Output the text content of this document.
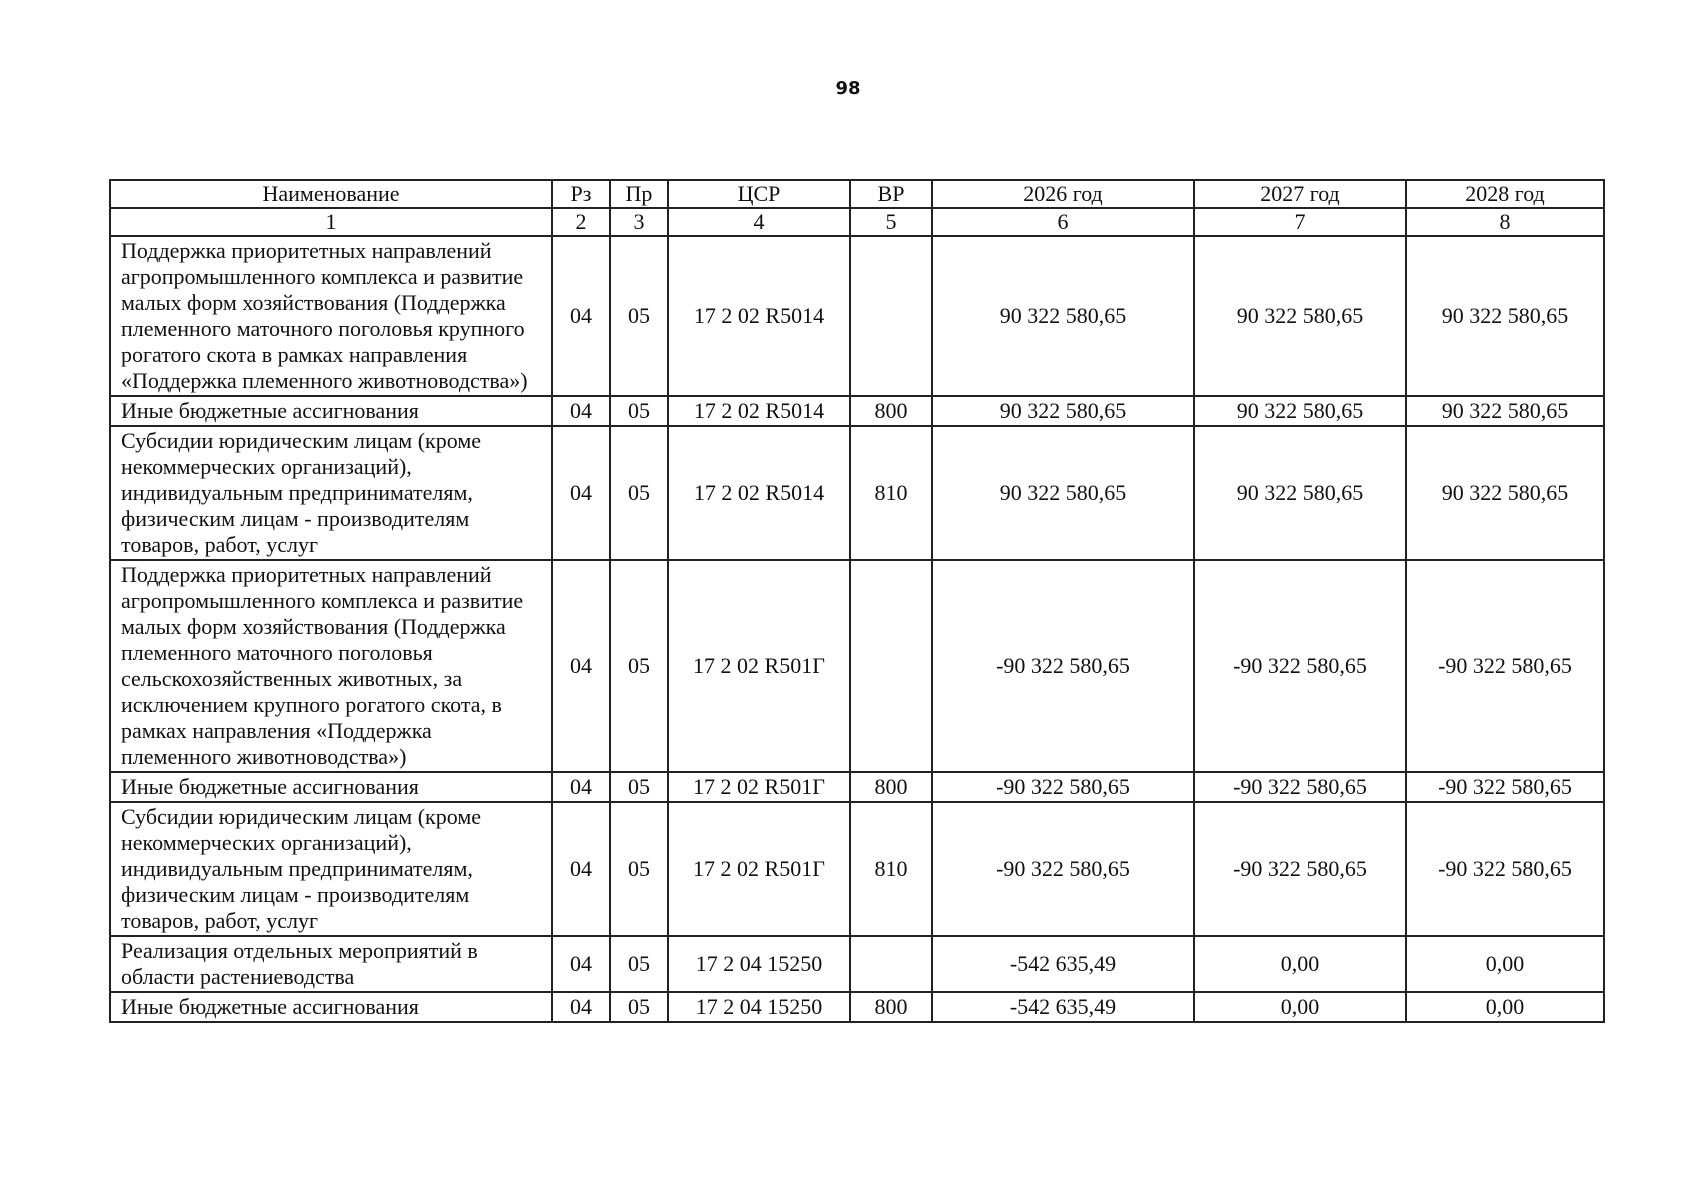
98
Наименование	Рз	Пр	ЦСР	ВР	2026 год	2027 год	2028 год
1	2	3	4	5	6	7	8
Поддержка приоритетных направлений агропромышленного комплекса и развитие малых форм хозяйствования (Поддержка племенного маточного поголовья крупного рогатого скота в рамках направления «Поддержка племенного животноводства»)	04	05	17 2 02 R5014		90 322 580,65	90 322 580,65	90 322 580,65
Иные бюджетные ассигнования	04	05	17 2 02 R5014	800	90 322 580,65	90 322 580,65	90 322 580,65
Субсидии юридическим лицам (кроме некоммерческих организаций), индивидуальным предпринимателям, физическим лицам - производителям товаров, работ, услуг	04	05	17 2 02 R5014	810	90 322 580,65	90 322 580,65	90 322 580,65
Поддержка приоритетных направлений агропромышленного комплекса и развитие малых форм хозяйствования (Поддержка племенного маточного поголовья сельскохозяйственных животных, за исключением крупного рогатого скота, в рамках направления «Поддержка племенного животноводства»)	04	05	17 2 02 R501Г		-90 322 580,65	-90 322 580,65	-90 322 580,65
Иные бюджетные ассигнования	04	05	17 2 02 R501Г	800	-90 322 580,65	-90 322 580,65	-90 322 580,65
Субсидии юридическим лицам (кроме некоммерческих организаций), индивидуальным предпринимателям, физическим лицам - производителям товаров, работ, услуг	04	05	17 2 02 R501Г	810	-90 322 580,65	-90 322 580,65	-90 322 580,65
Реализация отдельных мероприятий в области растениеводства	04	05	17 2 04 15250		-542 635,49	0,00	0,00
Иные бюджетные ассигнования	04	05	17 2 04 15250	800	-542 635,49	0,00	0,00
